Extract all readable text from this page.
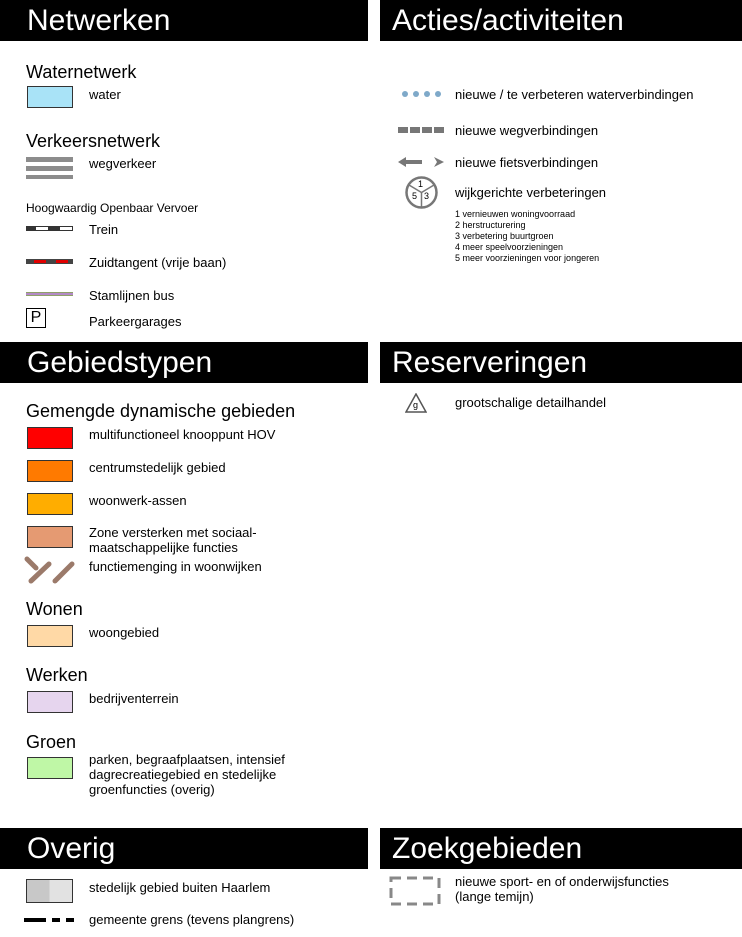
Netwerken	Acties/activiteiten
Gebiedstypen	Reserveringen
Overig	Zoekgebieden
Waternetwerk
water
Verkeersnetwerk
wegverkeer
Hoogwaardig Openbaar Vervoer
Trein
Zuidtangent (vrije baan)
Stamlijnen bus
P	Parkeergarages
nieuwe / te verbeteren waterverbindingen
nieuwe wegverbindingen
nieuwe fietsverbindingen
1
5 3 wijkgerichte verbeteringen
1 vernieuwen woningvoorraad
2 herstructurering
3 verbetering buurtgroen
4 meer speelvoorzieningen
5 meer voorzieningen voor jongeren
Gemengde dynamische gebieden
multifunctioneel knooppunt HOV
centrumstedelijk gebied
woonwerk-assen
Zone versterken met sociaal-maatschappelijke functies
functiemenging in woonwijken
Wonen
woongebied
Werken
bedrijventerrein
Groen
parken, begraafplaatsen, intensief dagrecreatiegebied en stedelijke groenfuncties (overig)
g	grootschalige detailhandel
stedelijk gebied buiten Haarlem
gemeente grens (tevens plangrens)
nieuwe sport- en of onderwijsfuncties (lange temijn)
